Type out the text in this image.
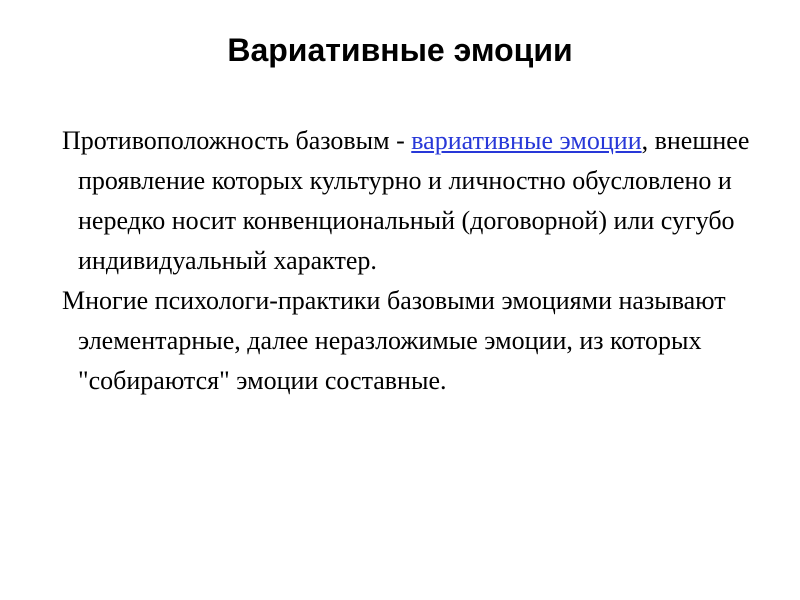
Вариативные эмоции

Противоположность базовым - вариативные эмоции, внешнее проявление которых культурно и личностно обусловлено и нередко носит конвенциональный (договорной) или сугубо индивидуальный характер.

Многие психологи-практики базовыми эмоциями называют элементарные, далее неразложимые эмоции, из которых "собираются" эмоции составные.
